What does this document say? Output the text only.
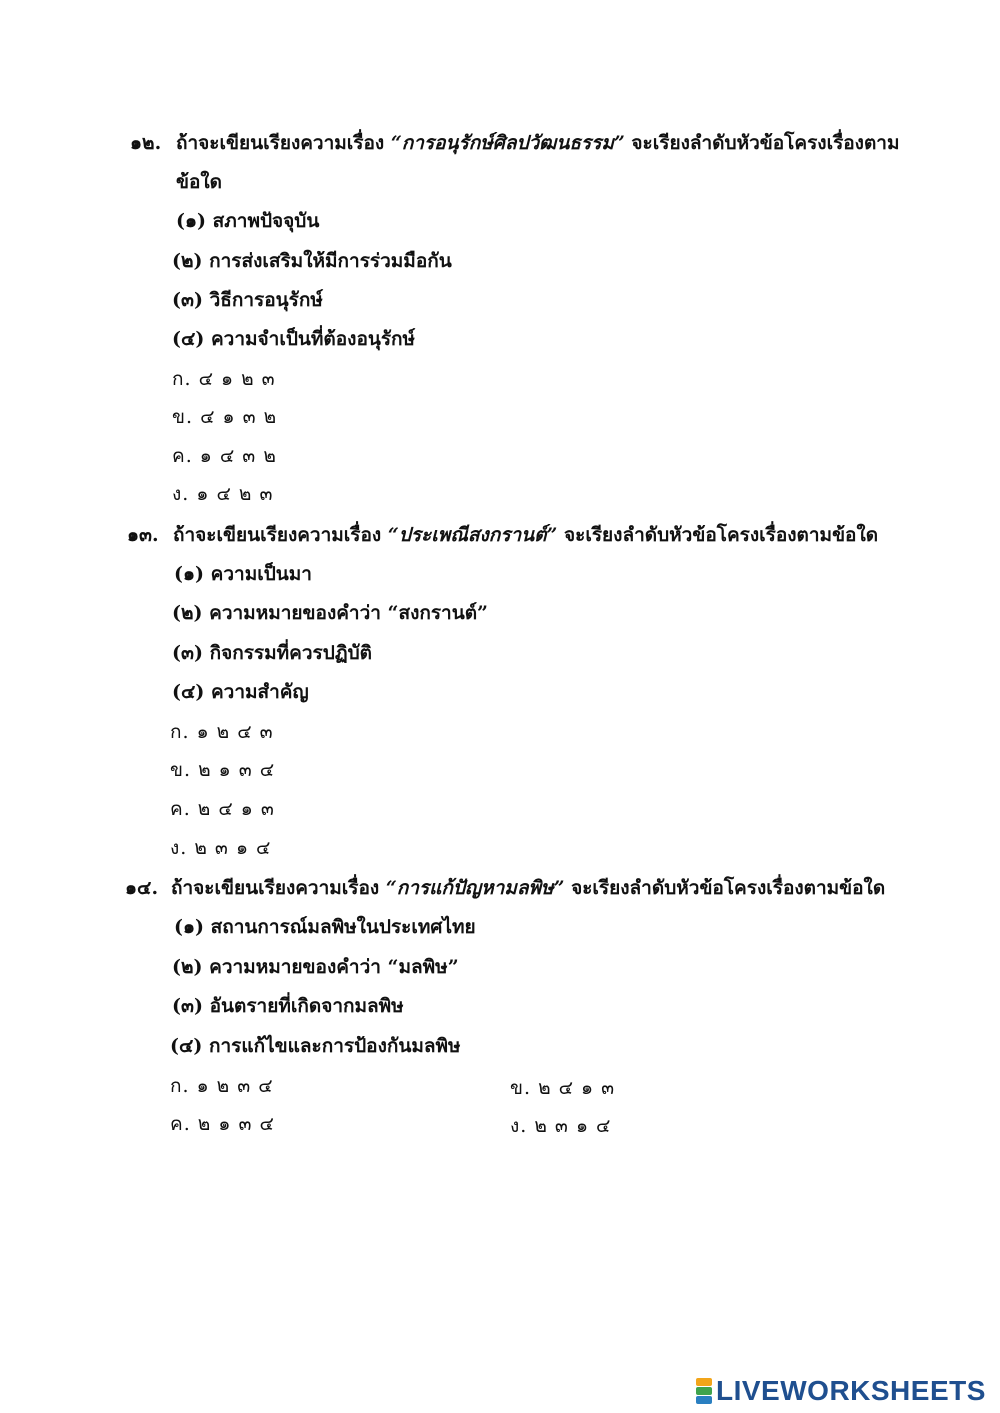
๑๒. ถ้าจะเขียนเรียงความเรื่อง “การอนุรักษ์ศิลปวัฒนธรรม” จะเรียงลำดับหัวข้อโครงเรื่องตาม
ข้อใด
(๑) สภาพปัจจุบัน
(๒) การส่งเสริมให้มีการร่วมมือกัน
(๓) วิธีการอนุรักษ์
(๔) ความจำเป็นที่ต้องอนุรักษ์
ก. ๔ ๑ ๒ ๓
ข. ๔ ๑ ๓ ๒
ค. ๑ ๔ ๓ ๒
ง. ๑ ๔ ๒ ๓
๑๓. ถ้าจะเขียนเรียงความเรื่อง “ประเพณีสงกรานต์” จะเรียงลำดับหัวข้อโครงเรื่องตามข้อใด
(๑) ความเป็นมา
(๒) ความหมายของคำว่า “สงกรานต์”
(๓) กิจกรรมที่ควรปฏิบัติ
(๔) ความสำคัญ
ก. ๑ ๒ ๔ ๓
ข. ๒ ๑ ๓ ๔
ค. ๒ ๔ ๑ ๓
ง. ๒ ๓ ๑ ๔
๑๔. ถ้าจะเขียนเรียงความเรื่อง “การแก้ปัญหามลพิษ” จะเรียงลำดับหัวข้อโครงเรื่องตามข้อใด
(๑) สถานการณ์มลพิษในประเทศไทย
(๒) ความหมายของคำว่า “มลพิษ”
(๓) อันตรายที่เกิดจากมลพิษ
(๔) การแก้ไขและการป้องกันมลพิษ
ก. ๑ ๒ ๓ ๔	ข. ๒ ๔ ๑ ๓
ค. ๒ ๑ ๓ ๔	ง. ๒ ๓ ๑ ๔
LIVEWORKSHEETS
